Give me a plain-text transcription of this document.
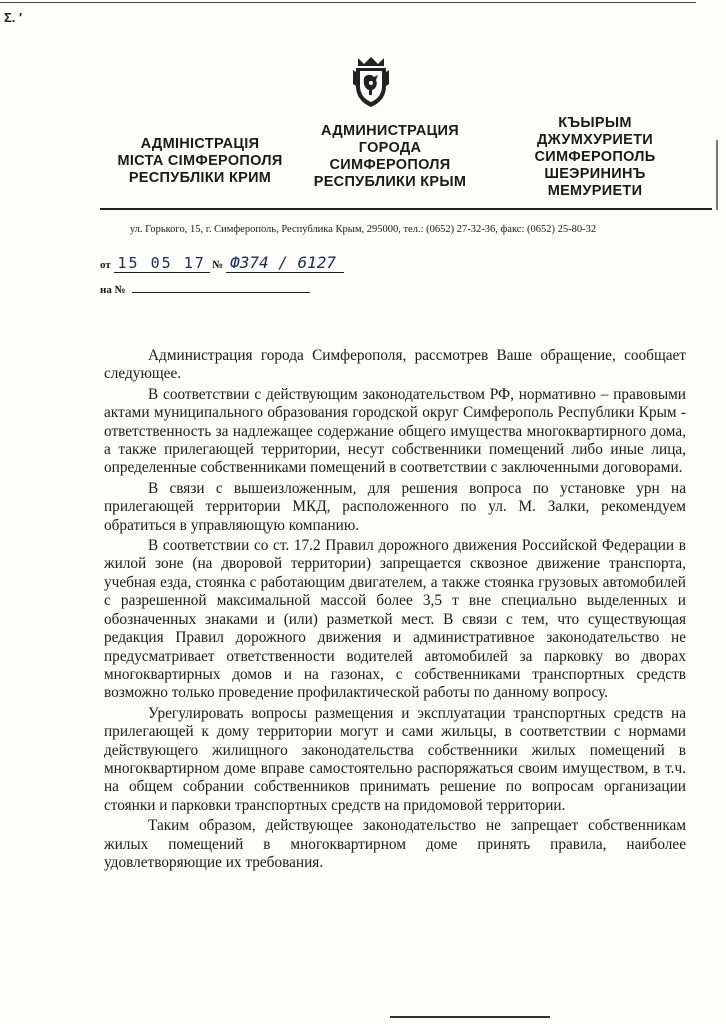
Σ. ′
АДМІНІСТРАЦІЯ
МІСТА СІМФЕРОПОЛЯ
РЕСПУБЛІКИ КРИМ
АДМИНИСТРАЦИЯ
ГОРОДА
СИМФЕРОПОЛЯ
РЕСПУБЛИКИ КРЫМ
КЪЫРЫМ
ДЖУМХУРИЕТИ
СИМФЕРОПОЛЬ
ШЕЭРИНИНЪ
МЕМУРИЕТИ
ул. Горького, 15, г. Симферополь, Республика Крым, 295000, тел.: (0652) 27-32-36, факс: (0652) 25-80-32
от 15 05 17 № Ф374 / 6127
на №

Администрация города Симферополя, рассмотрев Ваше обращение, сообщает следующее.

В соответствии с действующим законодательством РФ, нормативно – правовыми актами муниципального образования городской округ Симферополь Республики Крым - ответственность за надлежащее содержание общего имущества многоквартирного дома, а также прилегающей территории, несут собственники помещений либо иные лица, определенные собственниками помещений в соответствии с заключенными договорами.

В связи с вышеизложенным, для решения вопроса по установке урн на прилегающей территории МКД, расположенного по ул. М. Залки, рекомендуем обратиться в управляющую компанию.

В соответствии со ст. 17.2 Правил дорожного движения Российской Федерации в жилой зоне (на дворовой территории) запрещается сквозное движение транспорта, учебная езда, стоянка с работающим двигателем, а также стоянка грузовых автомобилей с разрешенной максимальной массой более 3,5 т вне специально выделенных и обозначенных знаками и (или) разметкой мест. В связи с тем, что существующая редакция Правил дорожного движения и административное законодательство не предусматривает ответственности водителей автомобилей за парковку во дворах многоквартирных домов и на газонах, с собственниками транспортных средств возможно только проведение профилактической работы по данному вопросу.

Урегулировать вопросы размещения и эксплуатации транспортных средств на прилегающей к дому территории могут и сами жильцы, в соответствии с нормами действующего жилищного законодательства собственники жилых помещений в многоквартирном доме вправе самостоятельно распоряжаться своим имуществом, в т.ч. на общем собрании собственников принимать решение по вопросам организации стоянки и парковки транспортных средств на придомовой территории.

Таким образом, действующее законодательство не запрещает собственникам жилых помещений в многоквартирном доме принять правила, наиболее удовлетворяющие их требования.
